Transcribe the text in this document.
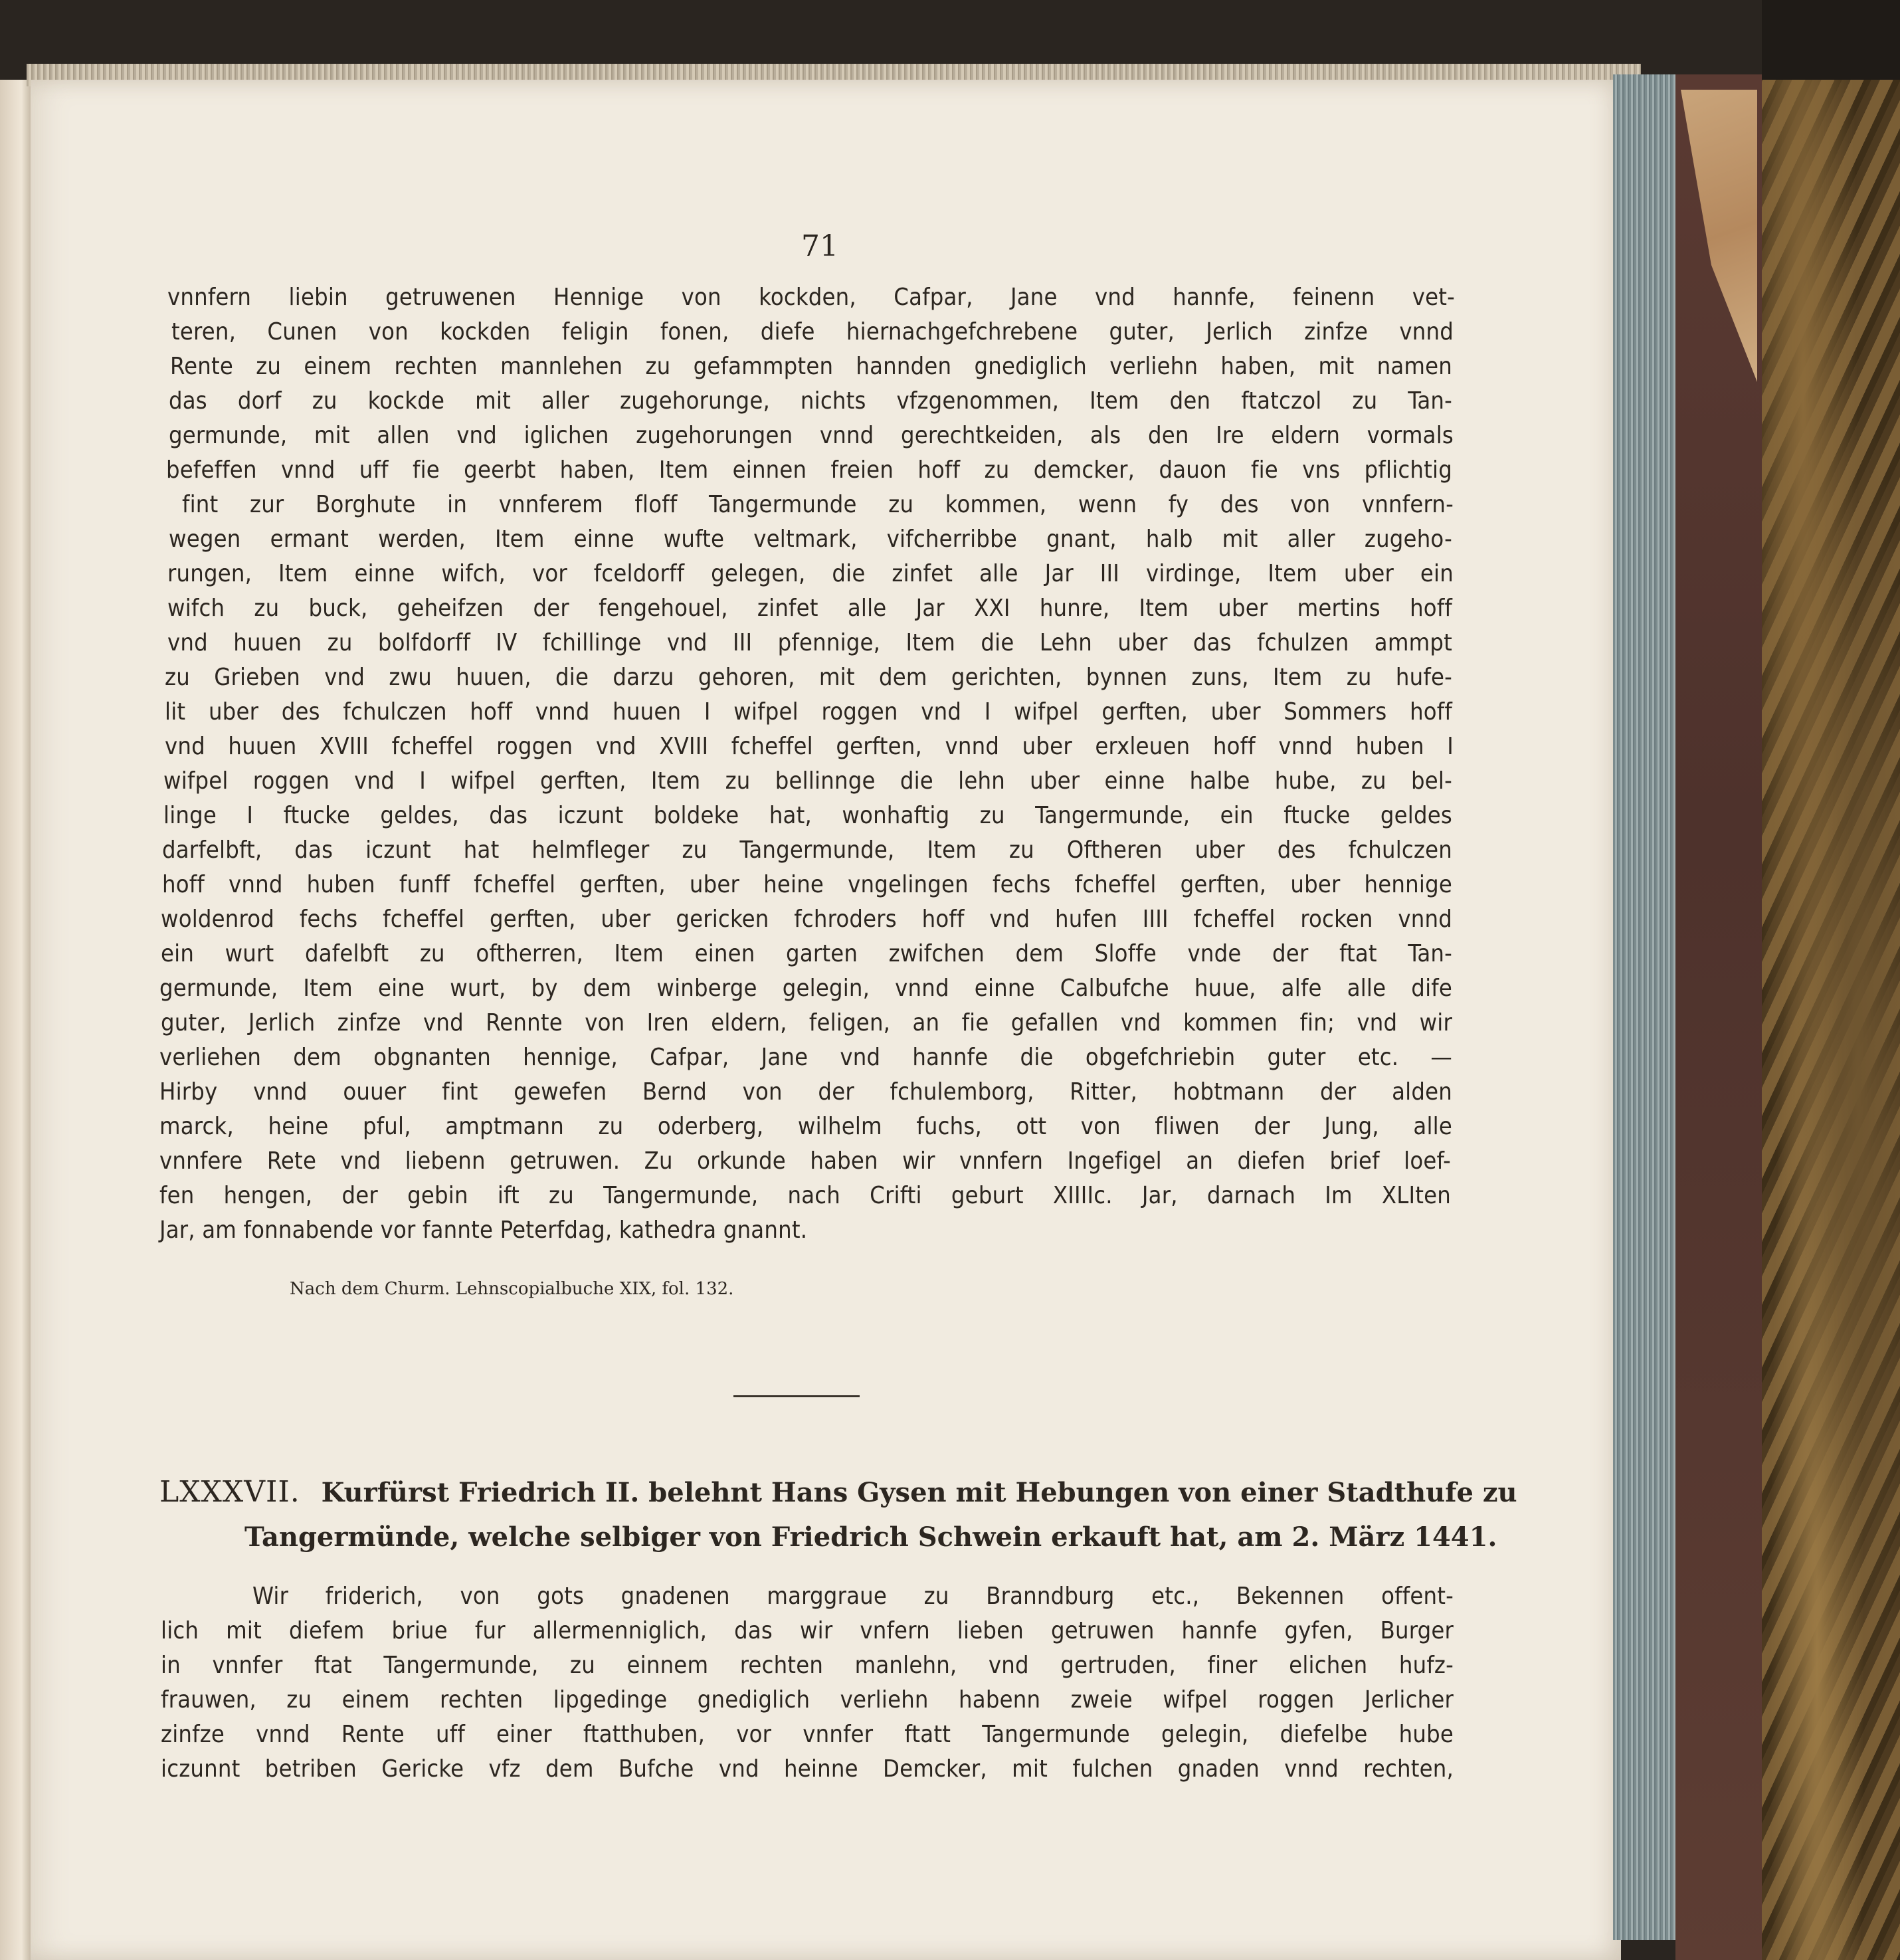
71
vnnfern liebin getruwenen Hennige von kockden, Cafpar, Jane vnd hannfe, feinenn vet-
teren, Cunen von kockden feligin fonen, diefe hiernachgefchrebene guter, Jerlich zinfze vnnd
Rente zu einem rechten mannlehen zu gefammpten hannden gnediglich verliehn haben, mit namen
das dorf zu kockde mit aller zugehorunge, nichts vfzgenommen, Item den ftatczol zu Tan-
germunde, mit allen vnd iglichen zugehorungen vnnd gerechtkeiden, als den Ire eldern vormals
befeffen vnnd uff fie geerbt haben, Item einnen freien hoff zu demcker, dauon fie vns pflichtig
fint zur Borghute in vnnferem floff Tangermunde zu kommen, wenn fy des von vnnfern-
wegen ermant werden, Item einne wufte veltmark, vifcherribbe gnant, halb mit aller zugeho-
rungen, Item einne wifch, vor fceldorff gelegen, die zinfet alle Jar III virdinge, Item uber ein
wifch zu buck, geheifzen der fengehouel, zinfet alle Jar XXI hunre, Item uber mertins hoff
vnd huuen zu bolfdorff IV fchillinge vnd III pfennige, Item die Lehn uber das fchulzen ammpt
zu Grieben vnd zwu huuen, die darzu gehoren, mit dem gerichten, bynnen zuns, Item zu hufe-
lit uber des fchulczen hoff vnnd huuen I wifpel roggen vnd I wifpel gerften, uber Sommers hoff
vnd huuen XVIII fcheffel roggen vnd XVIII fcheffel gerften, vnnd uber erxleuen hoff vnnd huben I
wifpel roggen vnd I wifpel gerften, Item zu bellinnge die lehn uber einne halbe hube, zu bel-
linge I ftucke geldes, das iczunt boldeke hat, wonhaftig zu Tangermunde, ein ftucke geldes
darfelbft, das iczunt hat helmfleger zu Tangermunde, Item zu Oftheren uber des fchulczen
hoff vnnd huben funff fcheffel gerften, uber heine vngelingen fechs fcheffel gerften, uber hennige
woldenrod fechs fcheffel gerften, uber gericken fchroders hoff vnd hufen IIII fcheffel rocken vnnd
ein wurt dafelbft zu oftherren, Item einen garten zwifchen dem Sloffe vnde der ftat Tan-
germunde, Item eine wurt, by dem winberge gelegin, vnnd einne Calbufche huue, alfe alle difе
guter, Jerlich zinfze vnd Rennte von Iren eldern, feligen, an fie gefallen vnd kommen fin; vnd wir
verliehen dem obgnanten hennige, Cafpar, Jane vnd hannfe die obgefchriebin guter etc. —
Hirby vnnd ouuer fint gewefen Bernd von der fchulemborg, Ritter, hobtmann der alden
marck, heine pful, amptmann zu oderberg, wilhelm fuchs, ott von fliwen der Jung, alle
vnnfere Rete vnd liebenn getruwen. Zu orkunde haben wir vnnfern Ingefigel an diefen brief loef-
fen hengen, der gebin ift zu Tangermunde, nach Crifti geburt XIIIIc. Jar, darnach Im XLIten
Jar, am fonnabende vor fannte Peterfdag, kathedra gnannt.
Nach dem Churm. Lehnscopialbuche XIX, fol. 132.
LXXXVII. Kurfürst Friedrich II. belehnt Hans Gysen mit Hebungen von einer Stadthufe zu
Tangermünde, welche selbiger von Friedrich Schwein erkauft hat, am 2. März 1441.
Wir friderich, von gots gnadenen marggraue zu Branndburg etc., Bekennen offent-
lich mit diefem briue fur allermenniglich, das wir vnfern lieben getruwen hannfe gyfen, Burger
in vnnfer ftat Tangermunde, zu einnem rechten manlehn, vnd gertruden, finer elichen hufz-
frauwen, zu einem rechten lipgedinge gnediglich verliehn habenn zweie wifpel roggen Jerlicher
zinfze vnnd Rente uff einer ftatthuben, vor vnnfer ftatt Tangermunde gelegin, diefelbe hube
iczunnt betriben Gericke vfz dem Bufche vnd heinne Demcker, mit fulchen gnaden vnnd rechten,
